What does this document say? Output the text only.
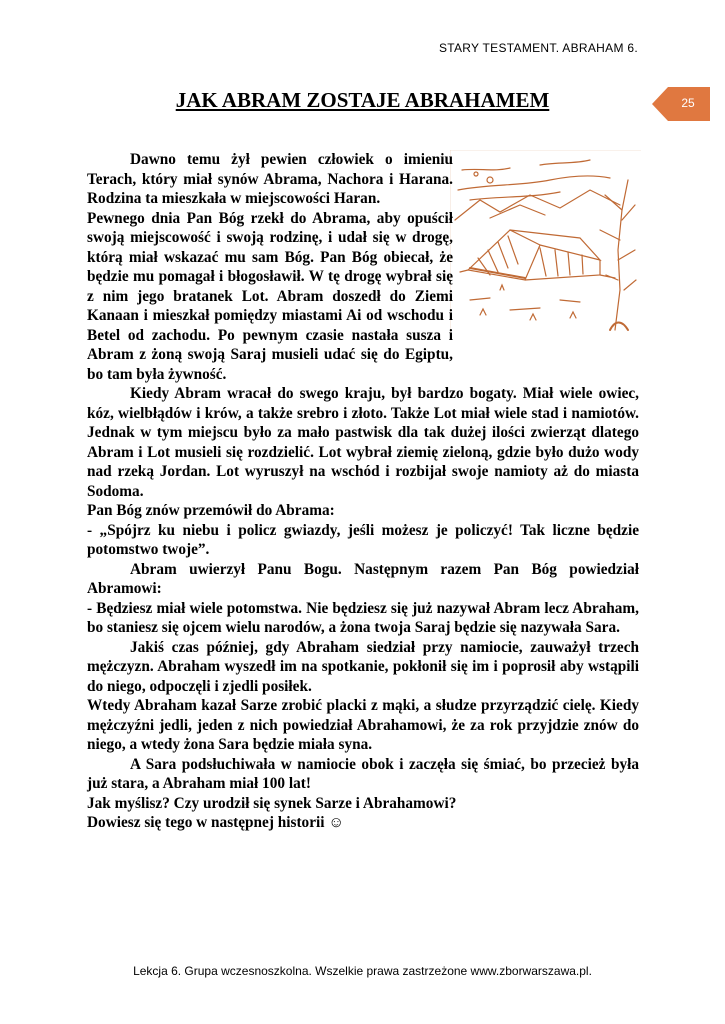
STARY TESTAMENT. ABRAHAM 6.
JAK ABRAM ZOSTAJE ABRAHAMEM	25

Dawno temu żył pewien człowiek o imieniu Terach, który miał synów Abrama, Nachora i Harana. Rodzina ta mieszkała w miejscowości Haran.

Pewnego dnia Pan Bóg rzekł do Abrama, aby opuścił swoją miejscowość i swoją rodzinę, i udał się w drogę, którą miał wskazać mu sam Bóg. Pan Bóg obiecał, że będzie mu pomagał i błogosławił. W tę drogę wybrał się z nim jego bratanek Lot. Abram doszedł do Ziemi Kanaan i mieszkał pomiędzy miastami Ai od wschodu i Betel od zachodu. Po pewnym czasie nastała susza i Abram z żoną swoją Saraj musieli udać się do Egiptu, bo tam była żywność.

Kiedy Abram wracał do swego kraju, był bardzo bogaty. Miał wiele owiec, kóz, wielbłądów i krów, a także srebro i złoto. Także Lot miał wiele stad i namiotów. Jednak w tym miejscu było za mało pastwisk dla tak dużej ilości zwierząt dlatego Abram i Lot musieli się rozdzielić. Lot wybrał ziemię zieloną, gdzie było dużo wody nad rzeką Jordan. Lot wyruszył na wschód i rozbijał swoje namioty aż do miasta Sodoma.

Pan Bóg znów przemówił do Abrama:

- „Spójrz ku niebu i policz gwiazdy, jeśli możesz je policzyć! Tak liczne będzie potomstwo twoje”.

Abram uwierzył Panu Bogu. Następnym razem Pan Bóg powiedział Abramowi:

- Będziesz miał wiele potomstwa. Nie będziesz się już nazywał Abram lecz Abraham, bo staniesz się ojcem wielu narodów, a żona twoja Saraj będzie się nazywała Sara.

Jakiś czas później, gdy Abraham siedział przy namiocie, zauważył trzech mężczyzn. Abraham wyszedł im na spotkanie, pokłonił się im i poprosił aby wstąpili do niego, odpoczęli i zjedli posiłek.

Wtedy Abraham kazał Sarze zrobić placki z mąki, a słudze przyrządzić cielę. Kiedy mężczyźni jedli, jeden z nich powiedział Abrahamowi, że za rok przyjdzie znów do niego, a wtedy żona Sara będzie miała syna.

A Sara podsłuchiwała w namiocie obok i zaczęła się śmiać, bo przecież była już stara, a Abraham miał 100 lat!

Jak myślisz? Czy urodził się synek Sarze i Abrahamowi?

Dowiesz się tego w następnej historii ☺

Lekcja 6. Grupa wczesnoszkolna. Wszelkie prawa zastrzeżone www.zborwarszawa.pl.
